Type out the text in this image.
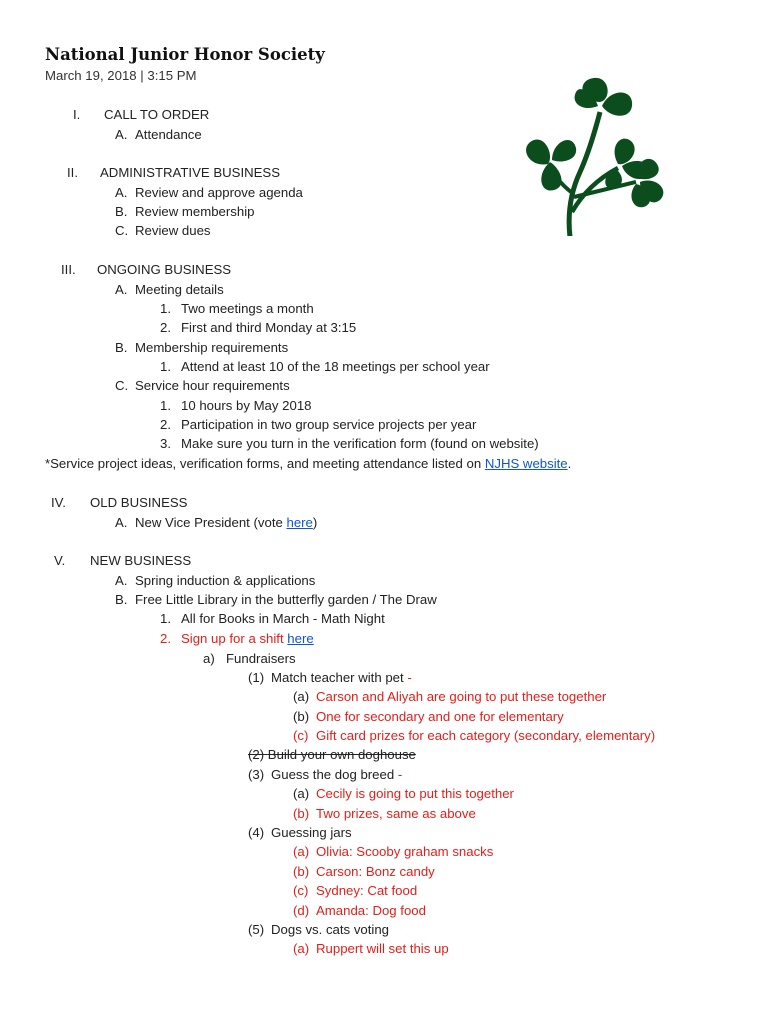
National Junior Honor Society
March 19, 2018 | 3:15 PM
I. CALL TO ORDER
A. Attendance
II. ADMINISTRATIVE BUSINESS
A. Review and approve agenda
B. Review membership
C. Review dues
III. ONGOING BUSINESS
A. Meeting details
1. Two meetings a month
2. First and third Monday at 3:15
B. Membership requirements
1. Attend at least 10 of the 18 meetings per school year
C. Service hour requirements
1. 10 hours by May 2018
2. Participation in two group service projects per year
3. Make sure you turn in the verification form (found on website)
*Service project ideas, verification forms, and meeting attendance listed on NJHS website.
IV. OLD BUSINESS
A. New Vice President (vote here)
V. NEW BUSINESS
A. Spring induction & applications
B. Free Little Library in the butterfly garden / The Draw
1. All for Books in March - Math Night
2. Sign up for a shift here
a) Fundraisers
(1) Match teacher with pet -
(a) Carson and Aliyah are going to put these together
(b) One for secondary and one for elementary
(c) Gift card prizes for each category (secondary, elementary)
(2) Build your own doghouse
(3) Guess the dog breed -
(a) Cecily is going to put this together
(b) Two prizes, same as above
(4) Guessing jars
(a) Olivia: Scooby graham snacks
(b) Carson: Bonz candy
(c) Sydney: Cat food
(d) Amanda: Dog food
(5) Dogs vs. cats voting
(a) Ruppert will set this up
